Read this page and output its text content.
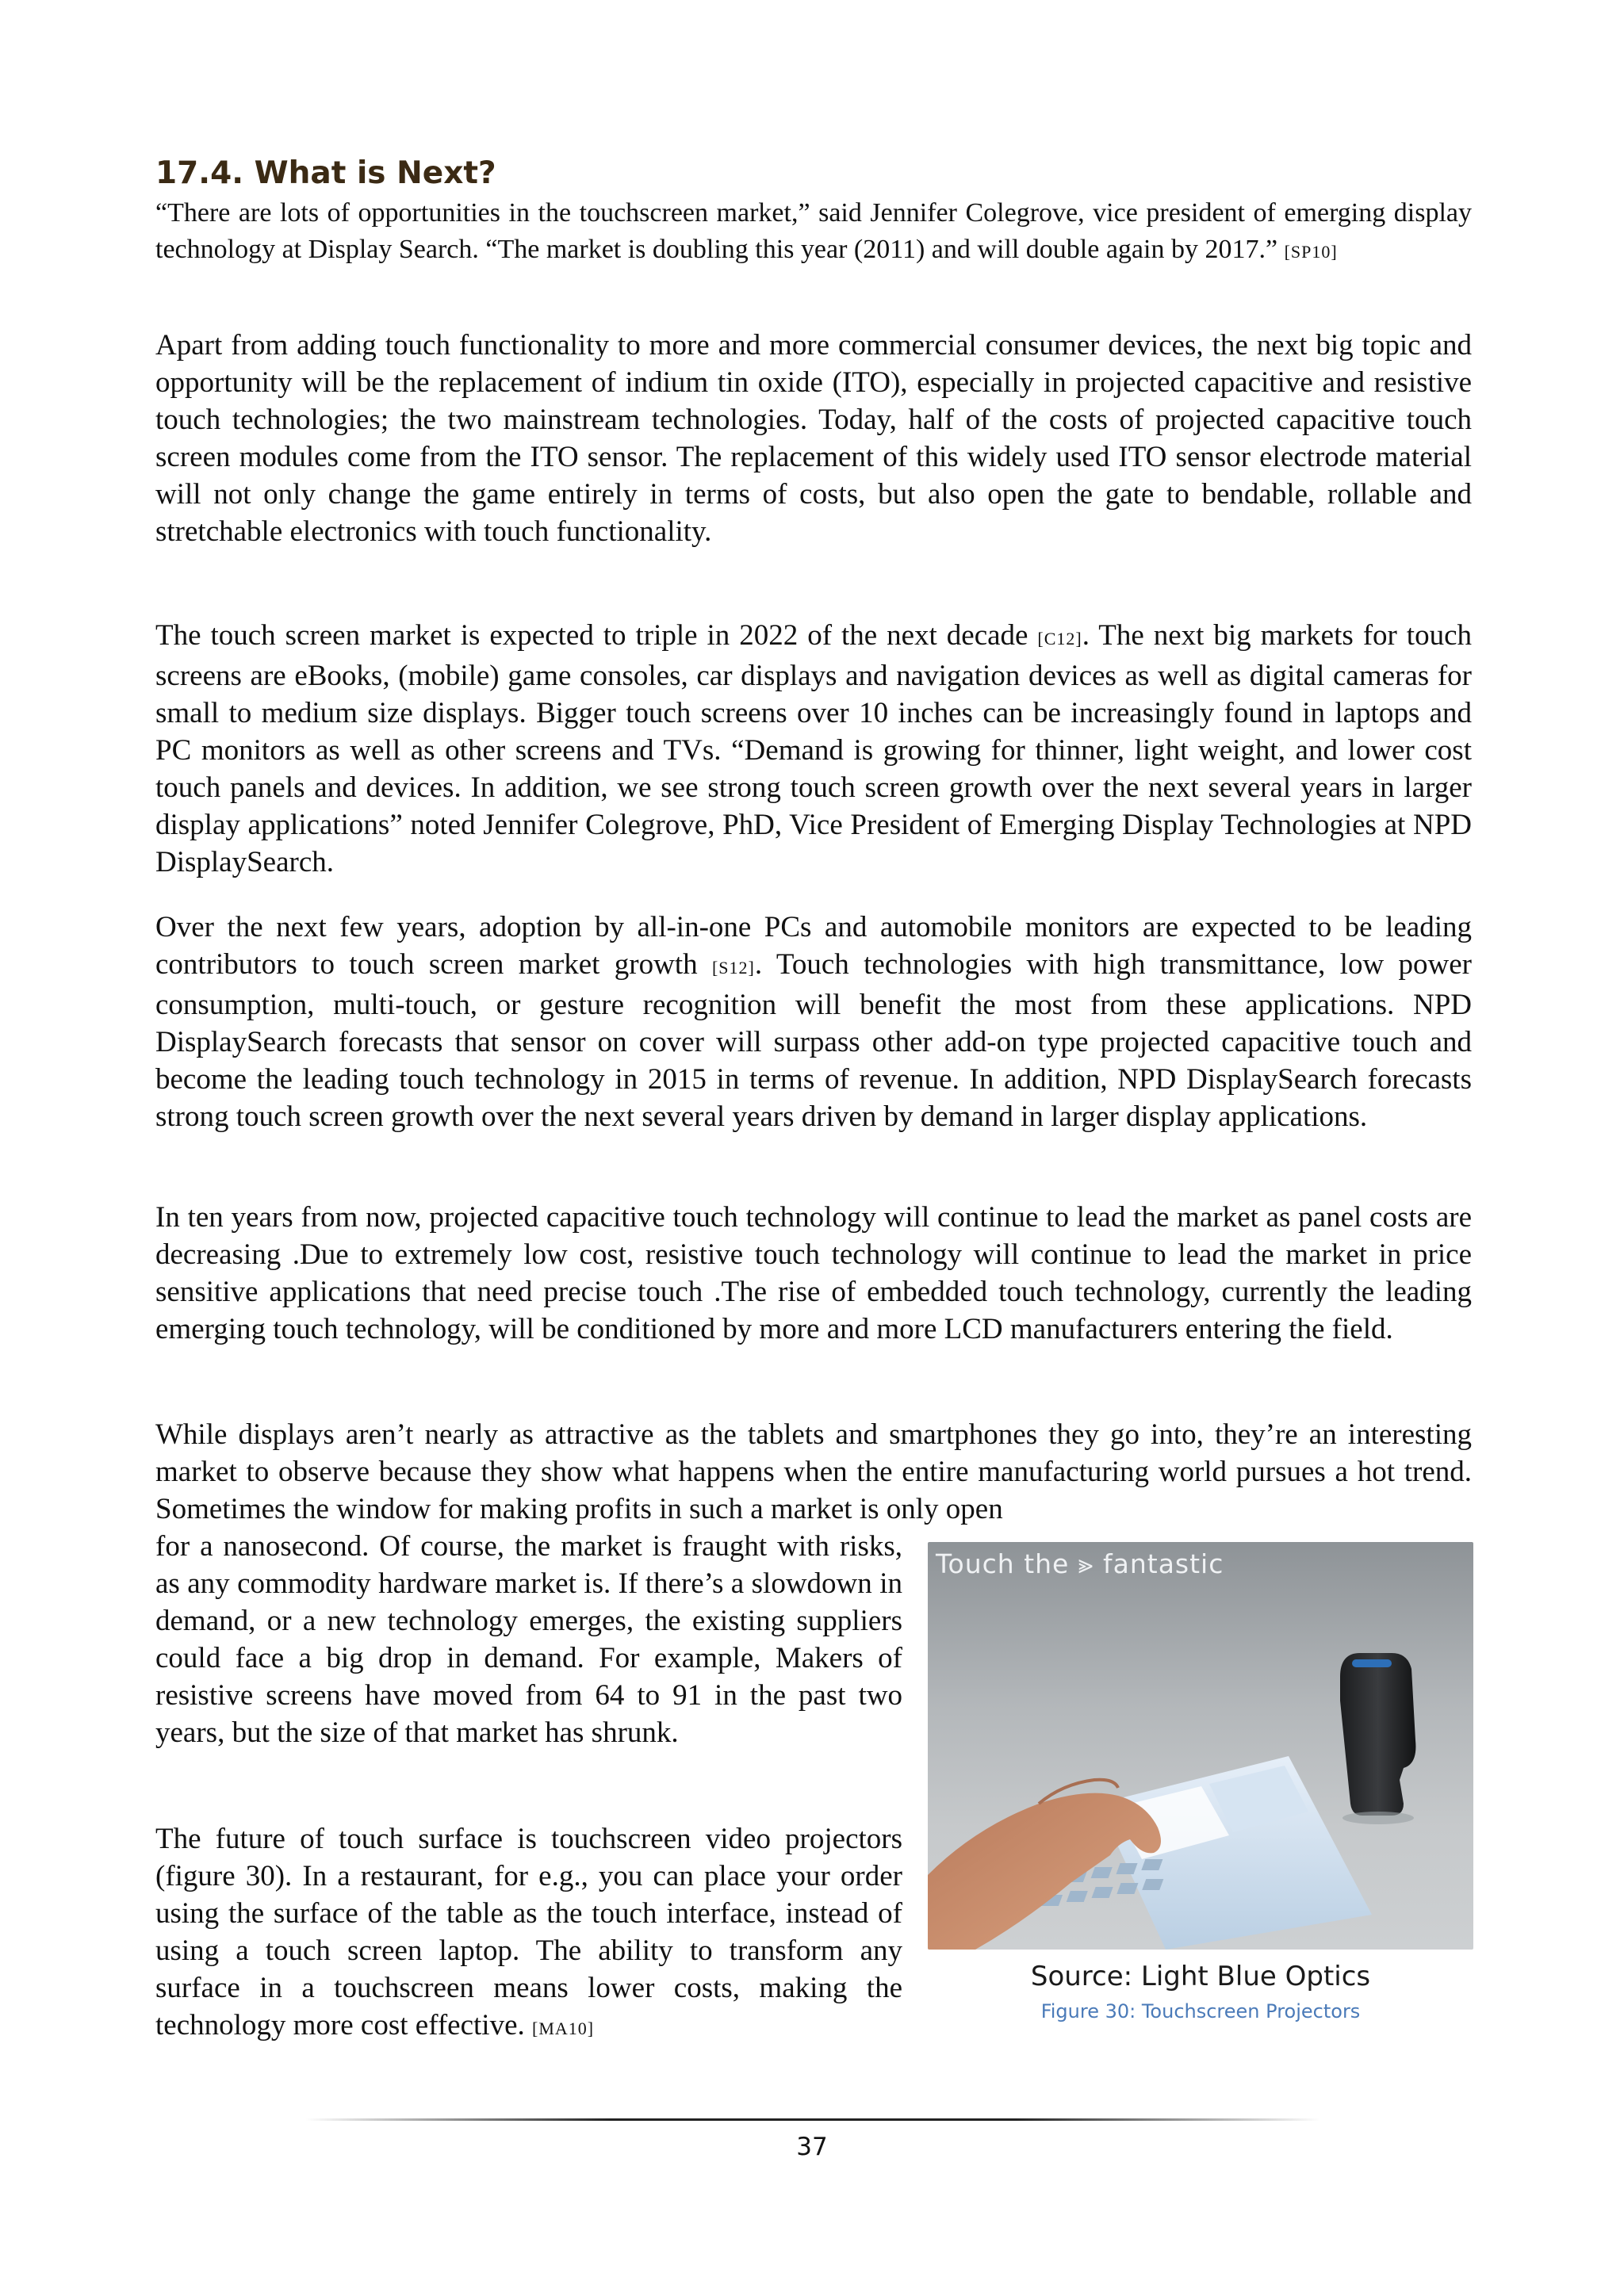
17.4. What is Next?

“There are lots of opportunities in the touchscreen market,” said Jennifer Colegrove, vice president of emerging display technology at Display Search. “The market is doubling this year (2011) and will double again by 2017.” [SP10]

Apart from adding touch functionality to more and more commercial consumer devices, the next big topic and opportunity will be the replacement of indium tin oxide (ITO), especially in projected capacitive and resistive touch technologies; the two mainstream technologies. Today, half of the costs of projected capacitive touch screen modules come from the ITO sensor. The replacement of this widely used ITO sensor electrode material will not only change the game entirely in terms of costs, but also open the gate to bendable, rollable and stretchable electronics with touch functionality.

The touch screen market is expected to triple in 2022 of the next decade [C12]. The next big markets for touch screens are eBooks, (mobile) game consoles, car displays and navigation devices as well as digital cameras for small to medium size displays. Bigger touch screens over 10 inches can be increasingly found in laptops and PC monitors as well as other screens and TVs. “Demand is growing for thinner, light weight, and lower cost touch panels and devices. In addition, we see strong touch screen growth over the next several years in larger display applications” noted Jennifer Colegrove, PhD, Vice President of Emerging Display Technologies at NPD DisplaySearch.

Over the next few years, adoption by all-in-one PCs and automobile monitors are expected to be leading contributors to touch screen market growth [S12]. Touch technologies with high transmittance, low power consumption, multi-touch, or gesture recognition will benefit the most from these applications. NPD DisplaySearch forecasts that sensor on cover will surpass other add-on type projected capacitive touch and become the leading touch technology in 2015 in terms of revenue. In addition, NPD DisplaySearch forecasts strong touch screen growth over the next several years driven by demand in larger display applications.

In ten years from now, projected capacitive touch technology will continue to lead the market as panel costs are decreasing .Due to extremely low cost, resistive touch technology will continue to lead the market in price sensitive applications that need precise touch .The rise of embedded touch technology, currently the leading emerging touch technology, will be conditioned by more and more LCD manufacturers entering the field.

While displays aren’t nearly as attractive as the tablets and smartphones they go into, they’re an interesting market to observe because they show what happens when the entire manufacturing world pursues a hot trend. Sometimes the window for making profits in such a market is only open

for a nanosecond. Of course, the market is fraught with risks, as any commodity hardware market is. If there’s a slowdown in demand, or a new technology emerges, the existing suppliers could face a big drop in demand. For example, Makers of resistive screens have moved from 64 to 91 in the past two years, but the size of that market has shrunk.

The future of touch surface is touchscreen video projectors (figure 30). In a restaurant, for e.g., you can place your order using the surface of the table as the touch interface, instead of using a touch screen laptop. The ability to transform any surface in a touchscreen means lower costs, making the technology more cost effective. [MA10]

Touch the ⪢ fantastic
Source: Light Blue Optics
Figure 30: Touchscreen Projectors
37
